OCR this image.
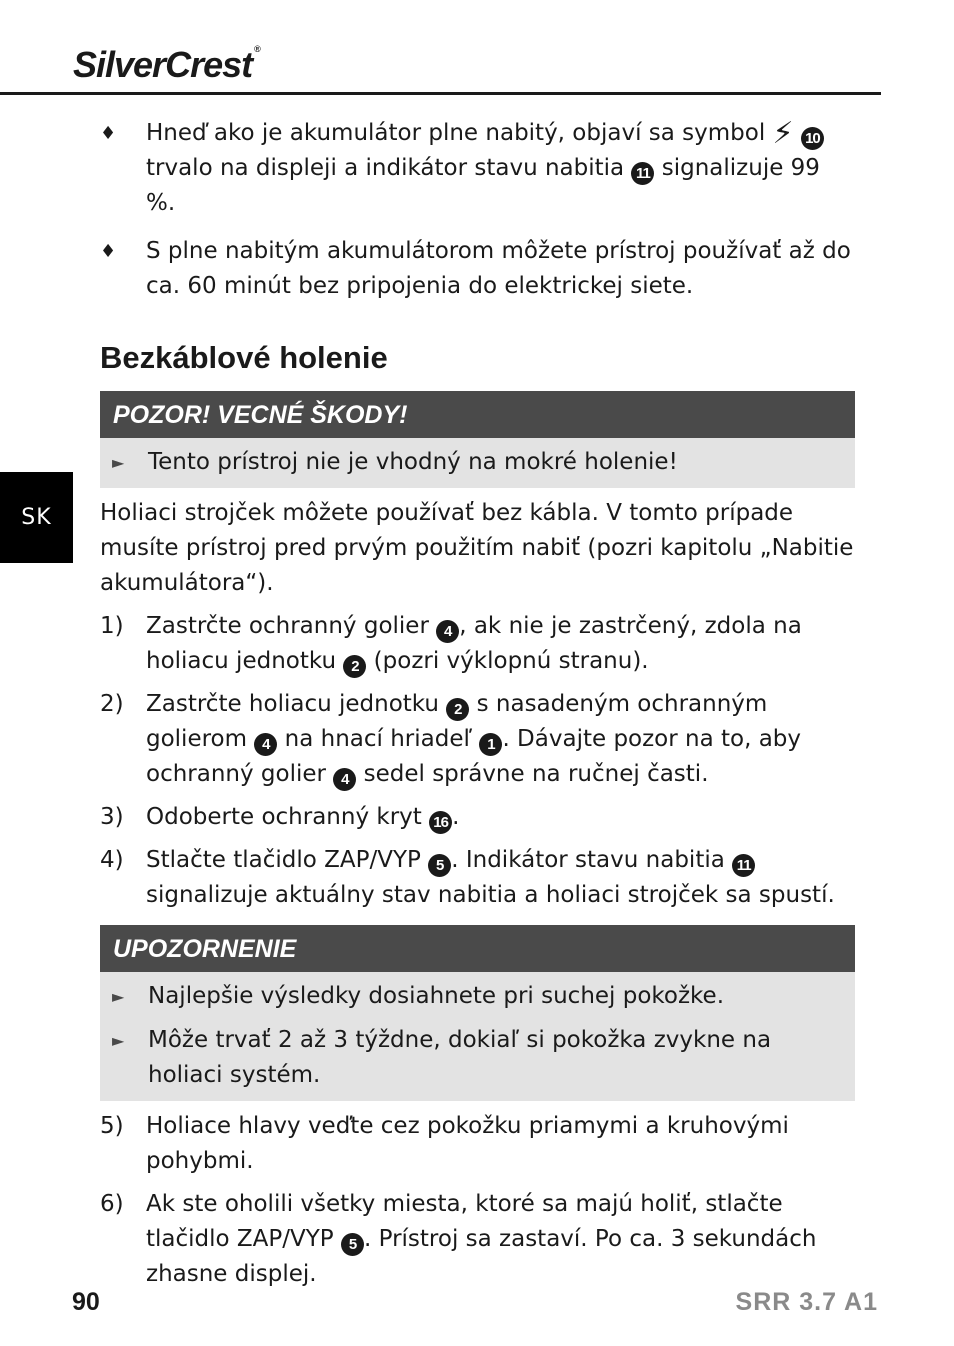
SilverCrest ®
SK
♦ Hneď ako je akumulátor plne nabitý, objaví sa symbol ⚡ 10 trvalo na displeji a indikátor stavu nabitia 11 signalizuje 99 %.
♦ S plne nabitým akumulátorom môžete prístroj používať až do ca. 60 minút bez pripojenia do elektrickej siete.
Bezkáblové holenie
POZOR! VECNÉ ŠKODY!
► Tento prístroj nie je vhodný na mokré holenie!
Holiaci strojček môžete používať bez kábla. V tomto prípade musíte prístroj pred prvým použitím nabiť (pozri kapitolu „Nabitie akumulátora“).
1) Zastrčte ochranný golier 4 , ak nie je zastrčený, zdola na holiacu jednotku 2 (pozri výklopnú stranu).
2) Zastrčte holiacu jednotku 2 s nasadeným ochranným golierom 4 na hnací hriadeľ 1 . Dávajte pozor na to, aby ochranný golier 4 sedel správne na ručnej časti.
3) Odoberte ochranný kryt 16 .
4) Stlačte tlačidlo ZAP/VYP 5 . Indikátor stavu nabitia 11 signalizuje aktuálny stav nabitia a holiaci strojček sa spustí.
UPOZORNENIE
► Najlepšie výsledky dosiahnete pri suchej pokožke.
► Môže trvať 2 až 3 týždne, dokiaľ si pokožka zvykne na holiaci systém.
5) Holiace hlavy veďte cez pokožku priamymi a kruhovými pohybmi.
6) Ak ste oholili všetky miesta, ktoré sa majú holiť, stlačte tlačidlo ZAP/VYP 5 . Prístroj sa zastaví. Po ca. 3 sekundách zhasne displej.
90	SRR 3.7 A1
